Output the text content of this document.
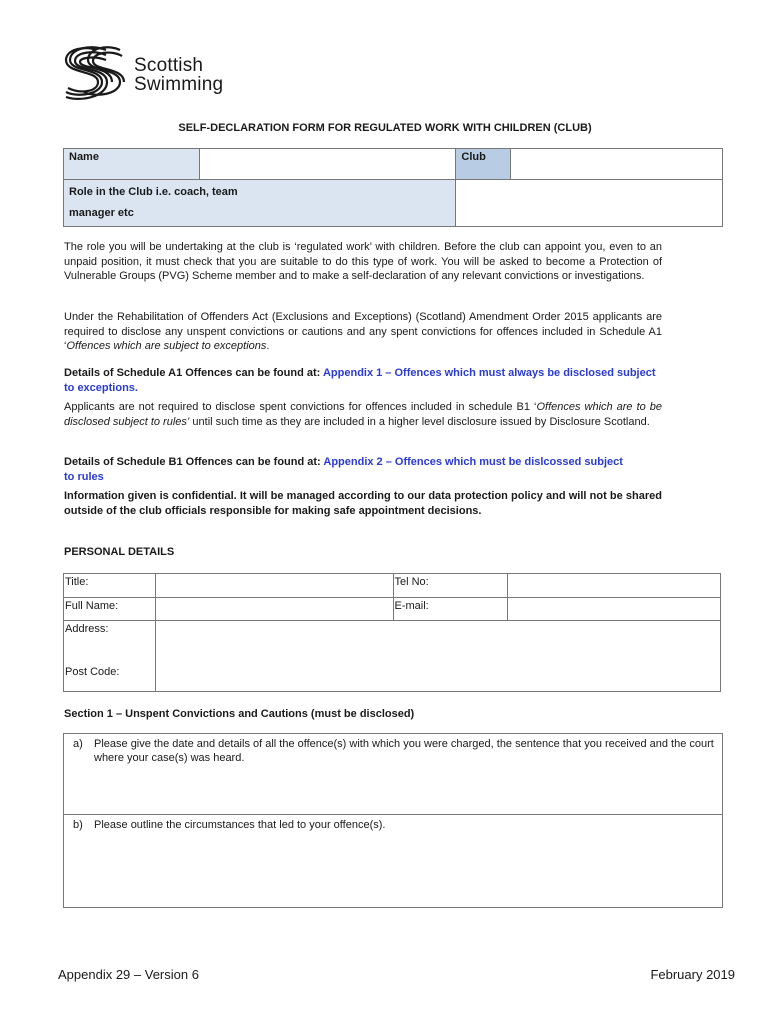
Scottish
Swimming
SELF-DECLARATION FORM FOR REGULATED WORK WITH CHILDREN (CLUB)
Name		Club	

Role in the Club i.e. coach, team
manager etc			

The role you will be undertaking at the club is ‘regulated work’ with children. Before the club can appoint you, even to an unpaid position, it must check that you are suitable to do this type of work. You will be asked to become a Protection of Vulnerable Groups (PVG) Scheme member and to make a self-declaration of any relevant convictions or investigations.

Under the Rehabilitation of Offenders Act (Exclusions and Exceptions) (Scotland) Amendment Order 2015 applicants are required to disclose any unspent convictions or cautions and any spent convictions for offences included in Schedule A1 ‘Offences which are subject to exceptions.

Details of Schedule A1 Offences can be found at: Appendix 1 – Offences which must always be disclosed subject to exceptions.

Applicants are not required to disclose spent convictions for offences included in schedule B1 ‘Offences which are to be disclosed subject to rules’ until such time as they are included in a higher level disclosure issued by Disclosure Scotland.

Details of Schedule B1 Offences can be found at: Appendix 2 – Offences which must be dislcossed subject to rules

Information given is confidential. It will be managed according to our data protection policy and will not be shared outside of the club officials responsible for making safe appointment decisions.

PERSONAL DETAILS
Title:		Tel No:	
Full Name:		E-mail:	

Address:
Post Code:			

Section 1 – Unspent Convictions and Cautions (must be disclosed)
a)	Please give the date and details of all the offence(s) with which you were charged, the sentence that you received and the court where your case(s) was heard.

b)	Please outline the circumstances that led to your offence(s).
Appendix 29 – Version 6	February 2019
